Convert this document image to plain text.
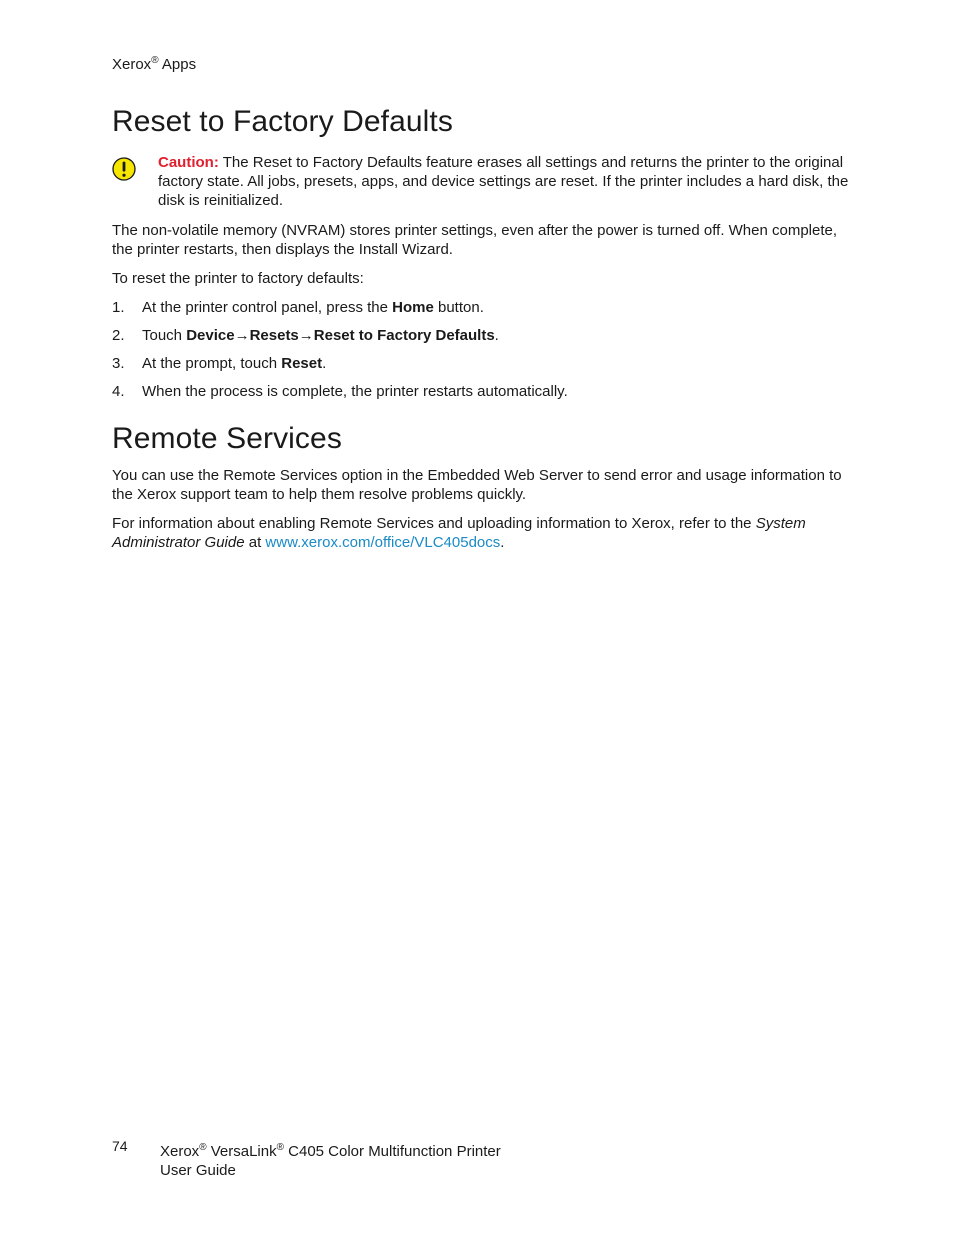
Xerox® Apps
Reset to Factory Defaults
Caution: The Reset to Factory Defaults feature erases all settings and returns the printer to the original factory state. All jobs, presets, apps, and device settings are reset. If the printer includes a hard disk, the disk is reinitialized.

The non-volatile memory (NVRAM) stores printer settings, even after the power is turned off. When complete, the printer restarts, then displays the Install Wizard.

To reset the printer to factory defaults:

1. At the printer control panel, press the Home button.
2. Touch Device→Resets→Reset to Factory Defaults.
3. At the prompt, touch Reset.
4. When the process is complete, the printer restarts automatically.
Remote Services

You can use the Remote Services option in the Embedded Web Server to send error and usage information to the Xerox support team to help them resolve problems quickly.

For information about enabling Remote Services and uploading information to Xerox, refer to the System Administrator Guide at www.xerox.com/office/VLC405docs.

74 Xerox® VersaLink® C405 Color Multifunction Printer
User Guide
